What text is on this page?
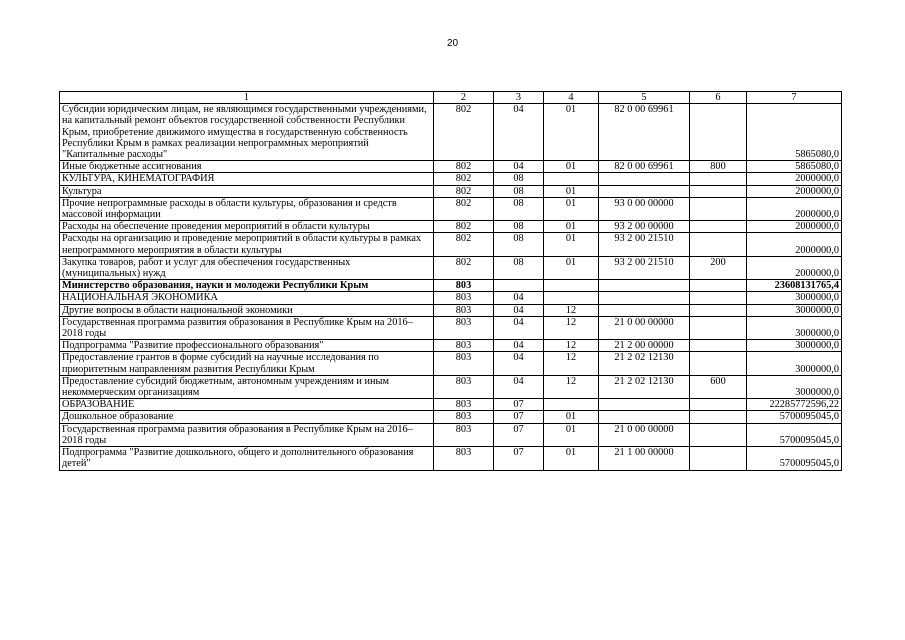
20
1	2	3	4	5	6	7
Субсидии юридическим лицам, не являющимся государственными учреждениями, на капитальный ремонт объектов государственной собственности Республики Крым, приобретение движимого имущества в государственную собственность Республики Крым в рамках реализации непрограммных мероприятий "Капитальные расходы"	802	04	01	82 0 00 69961		5865080,0
Иные бюджетные ассигнования	802	04	01	82 0 00 69961	800	5865080,0
КУЛЬТУРА, КИНЕМАТОГРАФИЯ	802	08				2000000,0
Культура	802	08	01			2000000,0
Прочие непрограммные расходы в области культуры, образования и средств массовой информации	802	08	01	93 0 00 00000		2000000,0
Расходы на обеспечение проведения мероприятий в области культуры	802	08	01	93 2 00 00000		2000000,0
Расходы на организацию и проведение мероприятий в области культуры в рамках непрограммного мероприятия в области культуры	802	08	01	93 2 00 21510		2000000,0
Закупка товаров, работ и услуг для обеспечения государственных (муниципальных) нужд	802	08	01	93 2 00 21510	200	2000000,0
Министерство образования, науки и молодежи Республики Крым	803					23608131765,4
НАЦИОНАЛЬНАЯ ЭКОНОМИКА	803	04				3000000,0
Другие вопросы в области национальной экономики	803	04	12			3000000,0
Государственная программа развития образования в Республике Крым на 2016–2018 годы	803	04	12	21 0 00 00000		3000000,0
Подпрограмма "Развитие профессионального образования"	803	04	12	21 2 00 00000		3000000,0
Предоставление грантов в форме субсидий на научные исследования по приоритетным направлениям развития Республики Крым	803	04	12	21 2 02 12130		3000000,0
Предоставление субсидий бюджетным, автономным учреждениям и иным некоммерческим организациям	803	04	12	21 2 02 12130	600	3000000,0
ОБРАЗОВАНИЕ	803	07				22285772596,22
Дошкольное образование	803	07	01			5700095045,0
Государственная программа развития образования в Республике Крым на 2016–2018 годы	803	07	01	21 0 00 00000		5700095045,0
Подпрограмма "Развитие дошкольного, общего и дополнительного образования детей"	803	07	01	21 1 00 00000		5700095045,0
